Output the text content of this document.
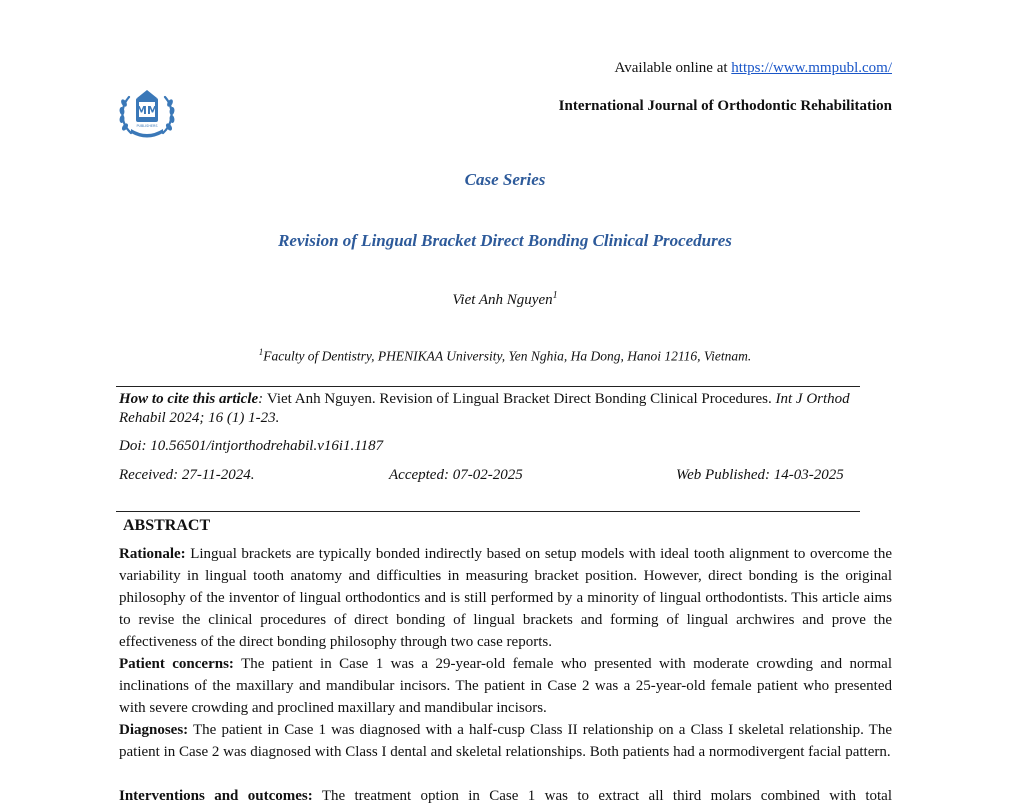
Available online at https://www.mmpubl.com/
MM
PUBLISHERS
International Journal of Orthodontic Rehabilitation
Case Series
Revision of Lingual Bracket Direct Bonding Clinical Procedures
Viet Anh Nguyen$^1$
$^1$Faculty of Dentistry, PHENIKAA University, Yen Nghia, Ha Dong, Hanoi 12116, Vietnam.
How to cite this article: Viet Anh Nguyen. Revision of Lingual Bracket Direct Bonding Clinical Procedures. Int J Orthod Rehabil 2024; 16 (1) 1-23.
Doi: 10.56501/intjorthodrehabil.v16i1.1187
Received: 27-11-2024.	Accepted: 07-02-2025	Web Published: 14-03-2025
ABSTRACT
Rationale: Lingual brackets are typically bonded indirectly based on setup models with ideal tooth alignment to overcome the variability in lingual tooth anatomy and difficulties in measuring bracket position. However, direct bonding is the original philosophy of the inventor of lingual orthodontics and is still performed by a minority of lingual orthodontists. This article aims to revise the clinical procedures of direct bonding of lingual brackets and forming of lingual archwires and prove the effectiveness of the direct bonding philosophy through two case reports.
Patient concerns: The patient in Case 1 was a 29-year-old female who presented with moderate crowding and normal inclinations of the maxillary and mandibular incisors. The patient in Case 2 was a 25-year-old female patient who presented with severe crowding and proclined maxillary and mandibular incisors.
Diagnoses: The patient in Case 1 was diagnosed with a half-cusp Class II relationship on a Class I skeletal relationship. The patient in Case 2 was diagnosed with Class I dental and skeletal relationships. Both patients had a normodivergent facial pattern.
Interventions and outcomes: The treatment option in Case 1 was to extract all third molars combined with total
